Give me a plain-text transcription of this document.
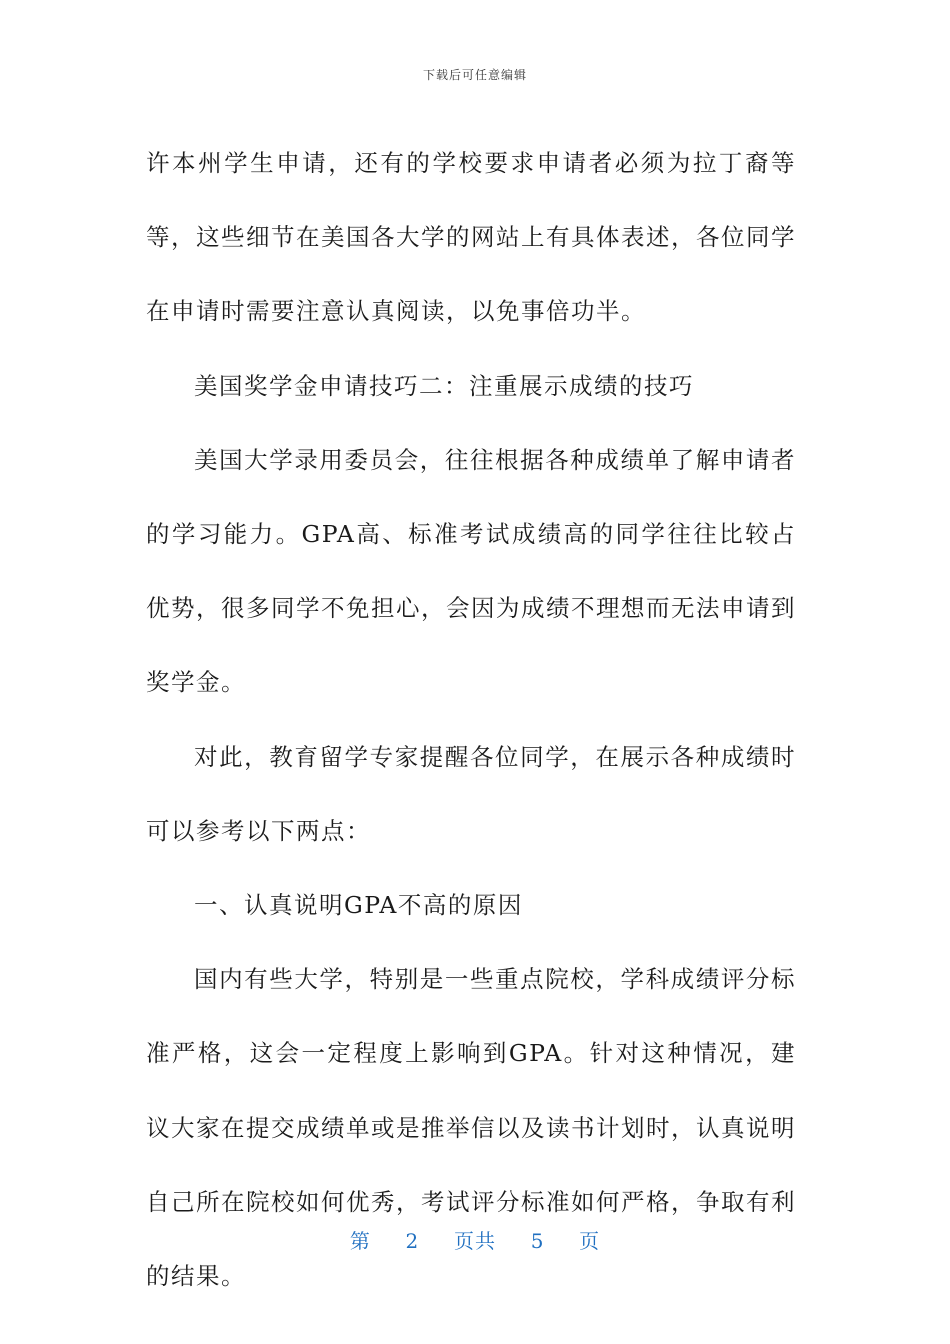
下载后可任意编辑

许本州学生申请，还有的学校要求申请者必须为拉丁裔等等，这些细节在美国各大学的网站上有具体表述，各位同学在申请时需要注意认真阅读，以免事倍功半。

美国奖学金申请技巧二：注重展示成绩的技巧

美国大学录用委员会，往往根据各种成绩单了解申请者的学习能力。GPA高、标准考试成绩高的同学往往比较占优势，很多同学不免担心，会因为成绩不理想而无法申请到奖学金。

对此，教育留学专家提醒各位同学，在展示各种成绩时可以参考以下两点：

一、认真说明GPA不高的原因

国内有些大学，特别是一些重点院校，学科成绩评分标准严格，这会一定程度上影响到GPA。针对这种情况，建议大家在提交成绩单或是推举信以及读书计划时，认真说明自己所在院校如何优秀，考试评分标准如何严格，争取有利的结果。

第 2 页共 5 页
